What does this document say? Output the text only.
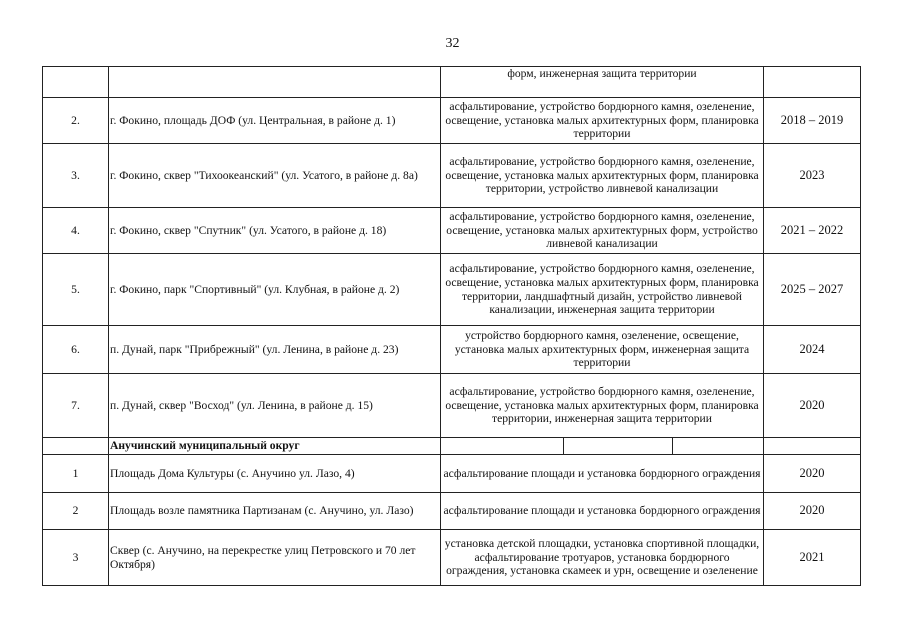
32
		форм, инженерная защита территории	
2.	г. Фокино, площадь ДОФ (ул. Центральная, в районе д. 1)	асфальтирование, устройство бордюрного камня, озеленение, освещение, установка малых архитектурных форм, планировка территории	2018 – 2019
3.	г. Фокино, сквер "Тихоокеанский" (ул. Усатого, в районе д. 8а)	асфальтирование, устройство бордюрного камня, озеленение, освещение, установка малых архитектурных форм, планировка территории, устройство ливневой канализации	2023
4.	г. Фокино, сквер "Спутник" (ул. Усатого, в районе д. 18)	асфальтирование, устройство бордюрного камня, озеленение, освещение, установка малых архитектурных форм, устройство ливневой канализации	2021 – 2022
5.	г. Фокино, парк "Спортивный" (ул. Клубная, в районе д. 2)	асфальтирование, устройство бордюрного камня, озеленение, освещение, установка малых архитектурных форм, планировка территории, ландшафтный дизайн, устройство ливневой канализации, инженерная защита территории	2025 – 2027
6.	п. Дунай, парк "Прибрежный" (ул. Ленина, в районе д. 23)	устройство бордюрного камня, озеленение, освещение, установка малых архитектурных форм, инженерная защита территории	2024
7.	п. Дунай, сквер "Восход" (ул. Ленина, в районе д. 15)	асфальтирование, устройство бордюрного камня, озеленение, освещение, установка малых архитектурных форм, планировка территории, инженерная защита территории	2020
	Анучинский муниципальный округ	

1	Площадь Дома Культуры (с. Анучино ул. Лазо, 4)	асфальтирование площади и установка бордюрного ограждения	2020
2	Площадь возле памятника Партизанам (с. Анучино, ул. Лазо)	асфальтирование площади и установка бордюрного ограждения	2020
3	Сквер (с. Анучино, на перекрестке улиц Петровского и 70 лет Октября)	установка детской площадки, установка спортивной площадки, асфальтирование тротуаров, установка бордюрного ограждения, установка скамеек и урн, освещение и озеленение	2021
